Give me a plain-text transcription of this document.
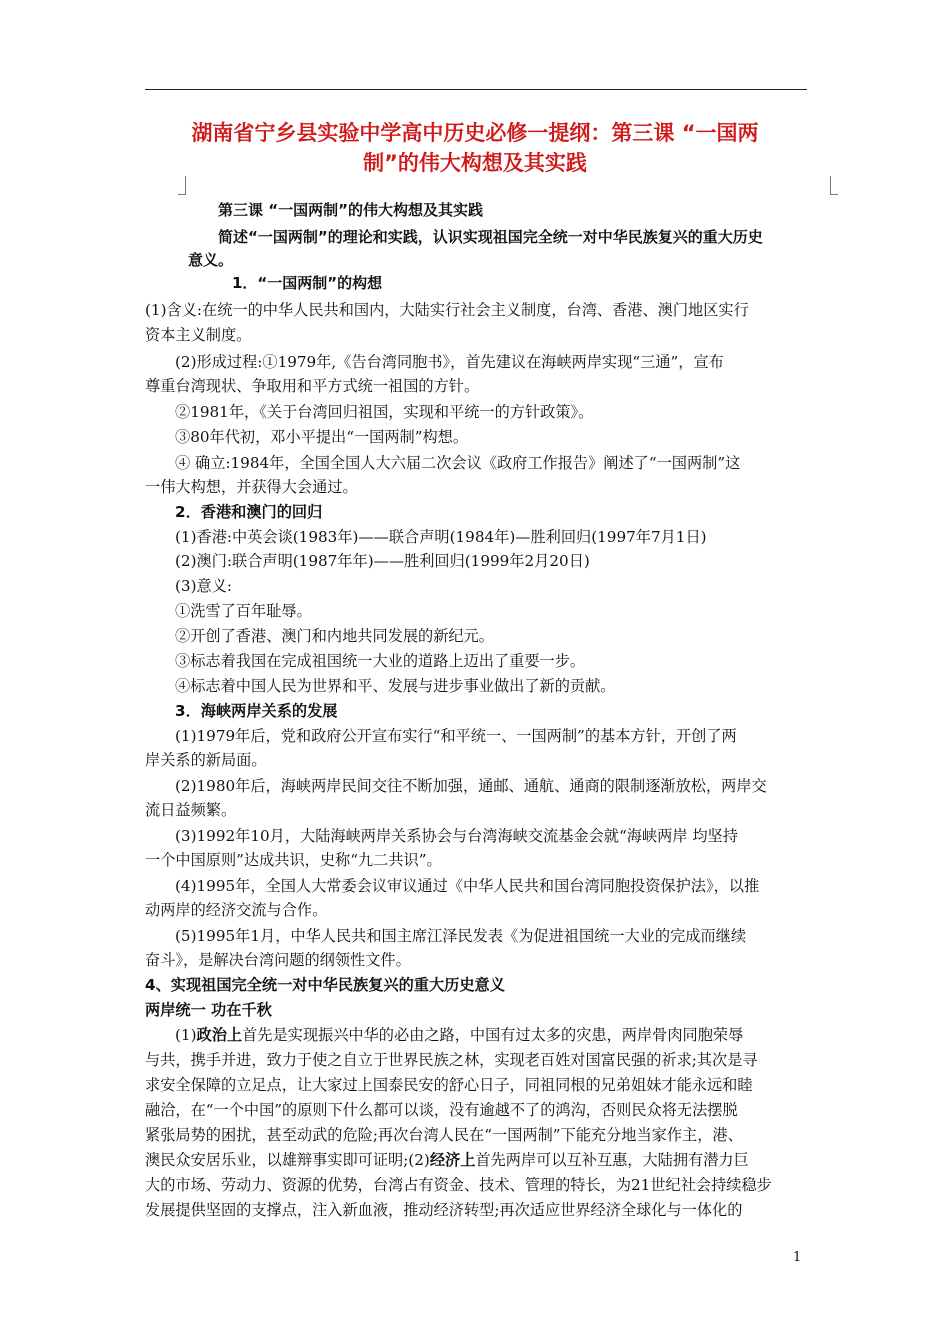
湖南省宁乡县实验中学高中历史必修一提纲：第三课 “一国两
制”的伟大构想及其实践
第三课 “一国两制”的伟大构想及其实践
简述“一国两制”的理论和实践，认识实现祖国完全统一对中华民族复兴的重大历史
意义。
1．“一国两制”的构想
(1)含义:在统一的中华人民共和国内，大陆实行社会主义制度，台湾、香港、澳门地区实行
资本主义制度。
(2)形成过程:①1979年,《告台湾同胞书》，首先建议在海峡两岸实现“三通”，宣布
尊重台湾现状、争取用和平方式统一祖国的方针。
②1981年，《关于台湾回归祖国，实现和平统一的方针政策》。
③80年代初，邓小平提出“一国两制”构想。
④ 确立:1984年，全国全国人大六届二次会议《政府工作报告》阐述了“一国两制”这
一伟大构想，并获得大会通过。
2．香港和澳门的回归
(1)香港:中英会谈(1983年)——联合声明(1984年)—胜利回归(1997年7月1日)
(2)澳门:联合声明(1987年年)——胜利回归(1999年2月20日)
(3)意义:
①洗雪了百年耻辱。
②开创了香港、澳门和内地共同发展的新纪元。
③标志着我国在完成祖国统一大业的道路上迈出了重要一步。
④标志着中国人民为世界和平、发展与进步事业做出了新的贡献。
3．海峡两岸关系的发展
(1)1979年后，党和政府公开宣布实行“和平统一、一国两制”的基本方针，开创了两
岸关系的新局面。
(2)1980年后，海峡两岸民间交往不断加强，通邮、通航、通商的限制逐渐放松，两岸交
流日益频繁。
(3)1992年10月，大陆海峡两岸关系协会与台湾海峡交流基金会就“海峡两岸 均坚持
一个中国原则”达成共识，史称“九二共识”。
(4)1995年，全国人大常委会议审议通过《中华人民共和国台湾同胞投资保护法》，以推
动两岸的经济交流与合作。
(5)1995年1月，中华人民共和国主席江泽民发表《为促进祖国统一大业的完成而继续
奋斗》，是解决台湾问题的纲领性文件。
4、实现祖国完全统一对中华民族复兴的重大历史意义
两岸统一 功在千秋
(1)政治上首先是实现振兴中华的必由之路，中国有过太多的灾患，两岸骨肉同胞荣辱
与共，携手并进，致力于使之自立于世界民族之林，实现老百姓对国富民强的祈求;其次是寻
求安全保障的立足点，让大家过上国泰民安的舒心日子，同祖同根的兄弟姐妹才能永远和睦
融洽，在“一个中国”的原则下什么都可以谈，没有逾越不了的鸿沟，否则民众将无法摆脱
紧张局势的困扰，甚至动武的危险;再次台湾人民在“一国两制”下能充分地当家作主，港、
澳民众安居乐业，以雄辩事实即可证明;(2)经济上首先两岸可以互补互惠，大陆拥有潜力巨
大的市场、劳动力、资源的优势，台湾占有资金、技术、管理的特长，为21世纪社会持续稳步
发展提供坚固的支撑点，注入新血液，推动经济转型;再次适应世界经济全球化与一体化的
1
